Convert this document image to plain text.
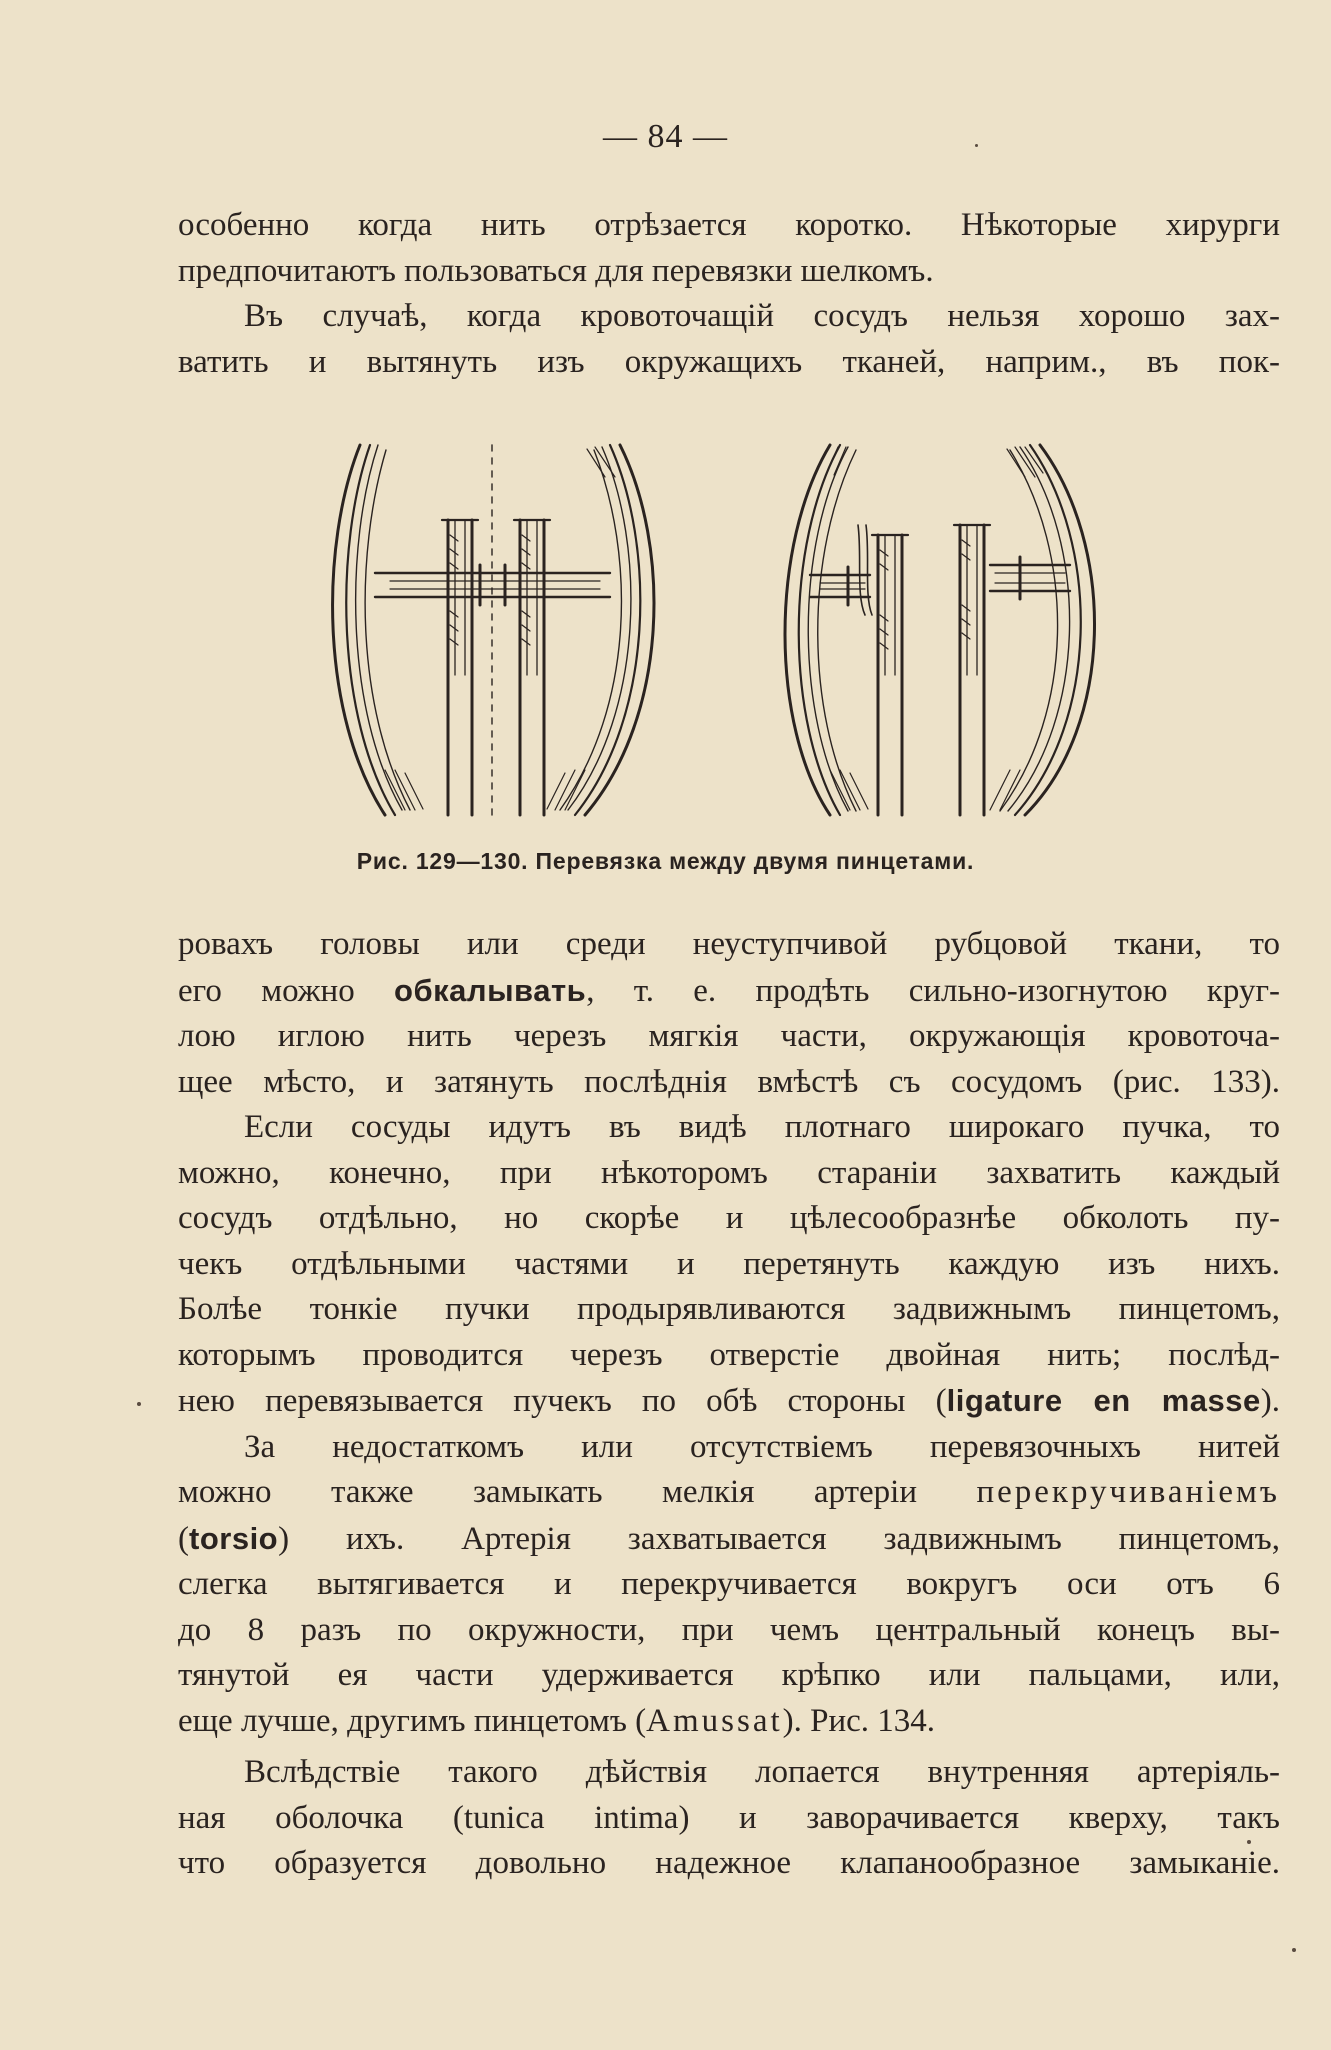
— 84 —

особенно когда нить отрѣзается коротко. Нѣкоторые хирурги

предпочитаютъ пользоваться для перевязки шелкомъ.

Въ случаѣ, когда кровоточащій сосудъ нельзя хорошо зах-

ватить и вытянуть изъ окружащихъ тканей, наприм., въ пок-

Рис. 129—130. Перевязка между двумя пинцетами.

ровахъ головы или среди неуступчивой рубцовой ткани, то

его можно обкалывать, т. е. продѣть сильно-изогнутою круг-

лою иглою нить черезъ мягкія части, окружающія кровоточа-

щее мѣсто, и затянуть послѣднія вмѣстѣ съ сосудомъ (рис. 133).

Если сосуды идутъ въ видѣ плотнаго широкаго пучка, то

можно, конечно, при нѣкоторомъ стараніи захватить каждый

сосудъ отдѣльно, но скорѣе и цѣлесообразнѣе обколоть пу-

чекъ отдѣльными частями и перетянуть каждую изъ нихъ.

Болѣе тонкіе пучки продырявливаются задвижнымъ пинцетомъ,

которымъ проводится черезъ отверстіе двойная нить; послѣд-

нею перевязывается пучекъ по обѣ стороны (ligature en masse).

За недостаткомъ или отсутствіемъ перевязочныхъ нитей

можно также замыкать мелкія артеріи перекручиваніемъ

(torsio) ихъ. Артерія захватывается задвижнымъ пинцетомъ,

слегка вытягивается и перекручивается вокругъ оси отъ 6

до 8 разъ по окружности, при чемъ центральный конецъ вы-

тянутой ея части удерживается крѣпко или пальцами, или,

еще лучше, другимъ пинцетомъ (Amussat). Рис. 134.

Вслѣдствіе такого дѣйствія лопается внутренняя артеріяль-

ная оболочка (tunica intima) и заворачивается кверху, такъ

что образуется довольно надежное клапанообразное замыканіе.
